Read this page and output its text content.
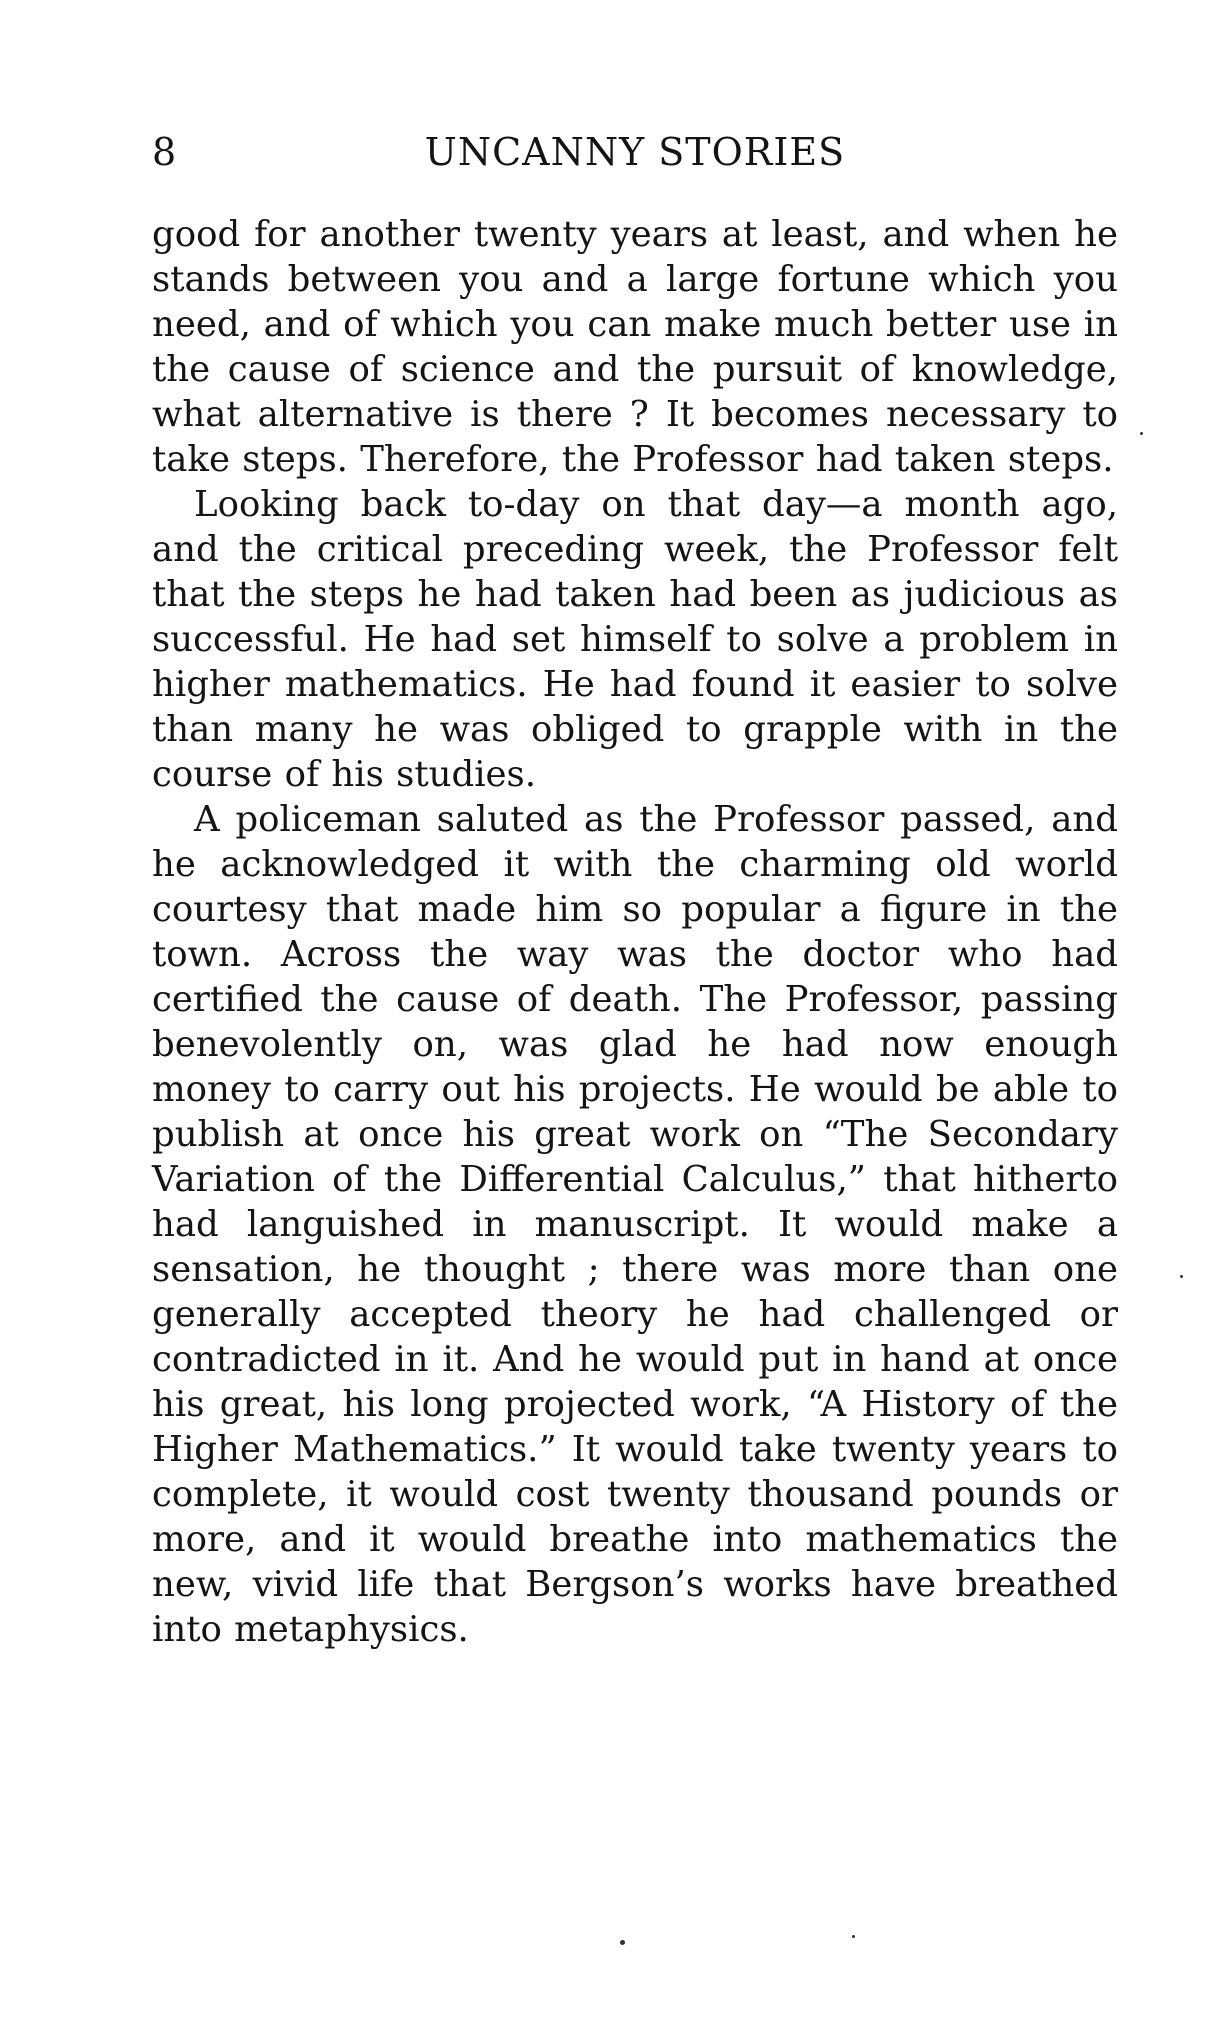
8	UNCANNY STORIES

good for another twenty years at least, and when he stands between you and a large fortune which you need, and of which you can make much better use in the cause of science and the pursuit of knowledge, what alternative is there ? It becomes necessary to take steps. Therefore, the Professor had taken steps.

Looking back to-day on that day—a month ago, and the critical preceding week, the Professor felt that the steps he had taken had been as judicious as successful. He had set himself to solve a problem in higher mathematics. He had found it easier to solve than many he was obliged to grapple with in the course of his studies.

A policeman saluted as the Professor passed, and he acknowledged it with the charming old world courtesy that made him so popular a figure in the town. Across the way was the doctor who had certified the cause of death. The Professor, passing benevolently on, was glad he had now enough money to carry out his projects. He would be able to publish at once his great work on “The Secondary Variation of the Differential Calculus,” that hitherto had languished in manuscript. It would make a sensation, he thought ; there was more than one generally accepted theory he had challenged or contradicted in it. And he would put in hand at once his great, his long projected work, “A History of the Higher Mathematics.” It would take twenty years to complete, it would cost twenty thousand pounds or more, and it would breathe into mathematics the new, vivid life that Bergson’s works have breathed into metaphysics.
